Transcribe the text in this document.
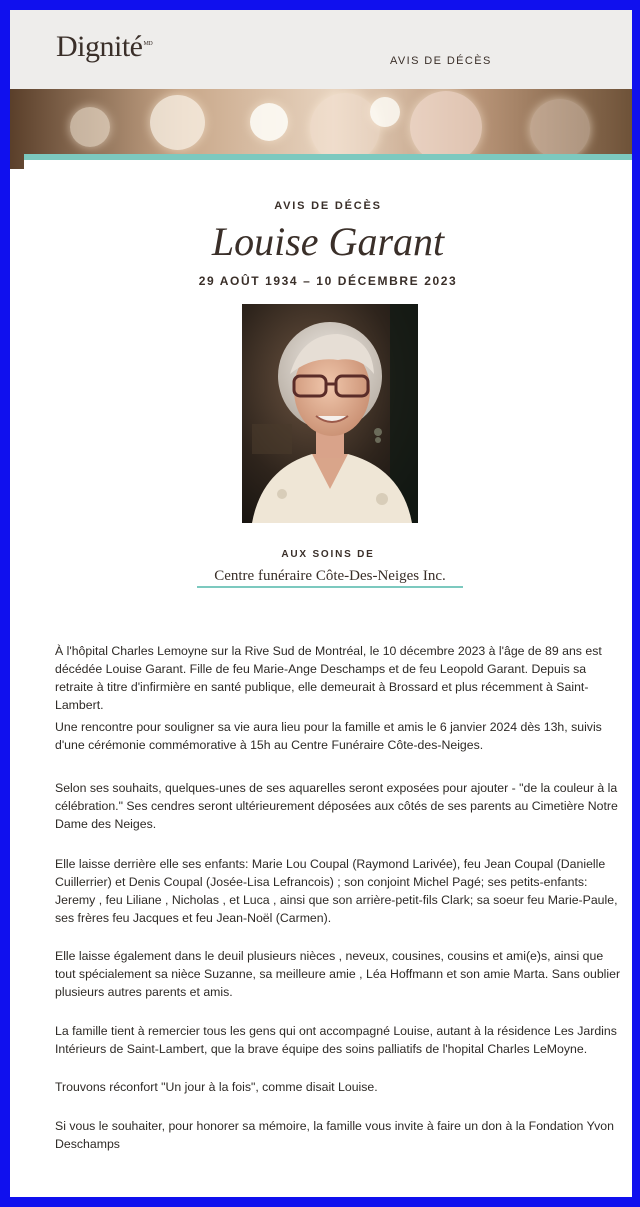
Dignité$^{MD}$
AVIS DE DÉCÈS
AVIS DE DÉCÈS
Louise Garant
29 AOÛT 1934 – 10 DÉCEMBRE 2023
AUX SOINS DE
Centre funéraire Côte-Des-Neiges Inc.

À l'hôpital Charles Lemoyne sur la Rive Sud de Montréal, le 10 décembre 2023 à l'âge de 89 ans est décédée Louise Garant. Fille de feu Marie-Ange Deschamps et de feu Leopold Garant. Depuis sa retraite à titre d'infirmière en santé publique, elle demeurait à Brossard et plus récemment à Saint-Lambert.

Une rencontre pour souligner sa vie aura lieu pour la famille et amis le 6 janvier 2024 dès 13h, suivis d'une cérémonie commémorative à 15h au Centre Funéraire Côte-des-Neiges.

Selon ses souhaits, quelques-unes de ses aquarelles seront exposées pour ajouter - "de la couleur à la célébration." Ses cendres seront ultérieurement déposées aux côtés de ses parents au Cimetière Notre Dame des Neiges.

Elle laisse derrière elle ses enfants: Marie Lou Coupal (Raymond Larivée), feu Jean Coupal (Danielle Cuillerrier) et Denis Coupal (Josée-Lisa Lefrancois) ; son conjoint Michel Pagé; ses petits-enfants: Jeremy , feu Liliane , Nicholas , et Luca , ainsi que son arrière-petit-fils Clark; sa soeur feu Marie-Paule, ses frères feu Jacques et feu Jean-Noël (Carmen).

Elle laisse également dans le deuil plusieurs nièces , neveux, cousines, cousins et ami(e)s, ainsi que tout spécialement sa nièce Suzanne, sa meilleure amie , Léa Hoffmann et son amie Marta. Sans oublier plusieurs autres parents et amis.

La famille tient à remercier tous les gens qui ont accompagné Louise, autant à la résidence Les Jardins Intérieurs de Saint-Lambert, que la brave équipe des soins palliatifs de l'hopital Charles LeMoyne.

Trouvons réconfort "Un jour à la fois", comme disait Louise.

Si vous le souhaiter, pour honorer sa mémoire, la famille vous invite à faire un don à la Fondation Yvon Deschamps
